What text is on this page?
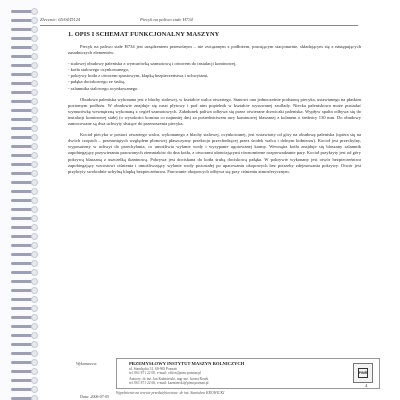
Zlecenie: 65/04/D124	Piecyk na paliwo stałe H734
1. OPIS I SCHEMAT FUNKCJONALNY MASZYNY

Piecyk na paliwo stałe H734 jest urządzeniem przenośnym – nie związanym z podłożem, pracującym stacjonarnie, składającym się z następujących zasadniczych elementów:

- stalowej obudowy paleniska z wymurówką szamotową i otworem do instalacji kominowej,
- kotła stalowego ocynkowanego,
- pokrywy kotła z otworem spustowym, klapką bezpieczeństwa i uchwytami,
- pałąka dociskowego ze śrubą,
- szlamnika stalowego ocynkowanego.

Obudowa paleniska wykonana jest z blachy stalowej, w kształcie walca otwartego. Stanowi ona jednocześnie podstawę piecyka, ustawianego na płaskim poziomym podłożu. W obudowie znajduje się ruszt płytowy i pod nim popielnik w kształcie wysuwanej szuflady. Niecka paleniskowa może posiadać wymurówkę wewnętrzną wykonaną z cegieł szamotowych. Załadunek paliwa odbywa się przez otwierane drzwiczki paleniska. Wypływ spalin odbywa się do instalacji kominowej stałej (o wysokości komina co najmniej 4m) za pośrednictwem rury kominowej blaszanej z kolanem o średnicy 130 mm. Do obudowy zamocowane są dwa uchwyty służące do przenoszenia piecyka.

Kocioł piecyka w postaci otwartego walca, wykonanego z blachy stalowej, ocynkowanej, jest wstawiony od góry na obudowę paleniska (opiera się na dwóch czopach – przesuniętych względem płonowej płaszczyzny przekroju przechodzącej przez środek walca i dolnym kołnierzu). Kocioł jest przechylny, wyposażony w uchwyt do przechylania, co umożliwia wylanie wody i wysypanie ugotowanej karmy. Wewnątrz kotła znajduje się blaszany szlamnik zapobiegający przywieraniu parowanych ziemniaków do dna kotła, z otworami ułatwiającymi równomierne rozprowadzanie pary. Kocioł przykryty jest od góry pokrywą blaszaną z uszczelką tkaninową. Pokrywa jest dociskana do kotła śrubą dociskową pałąka. W pokrywie wykonany jest otwór bezpieczeństwa zapobiegający wzrostowi ciśnienia i umożliwiający wylanie wody pozostałej po uparowaniu okopowych bez potrzeby zdejmowania pokrywy. Otwór jest przykryty swobodnie uchylną klapką bezpieczeństwa. Parowanie okopowych odbywa się przy ciśnieniu atmosferycznym.

Wykonawca:	PRZEMYSŁOWY INSTYTUT MASZYN ROLNICZYCH
ul. Starołęcka 31, 60-963 Poznań
tel. 061 871 22 00, e-mail: office@pimr.poznan.pl
Autorzy: dr inż. Jan Kaźmierski, mgr inż. Iwona Borek
tel. 061 871 22 66, e-mail: kazmierski@pimr.poznan.pl
PIMR
Wypełnienie na terenie przedsiębiorstwa: dr inż. Stanisław KROWICKI
Data: 2006-07-05
4
